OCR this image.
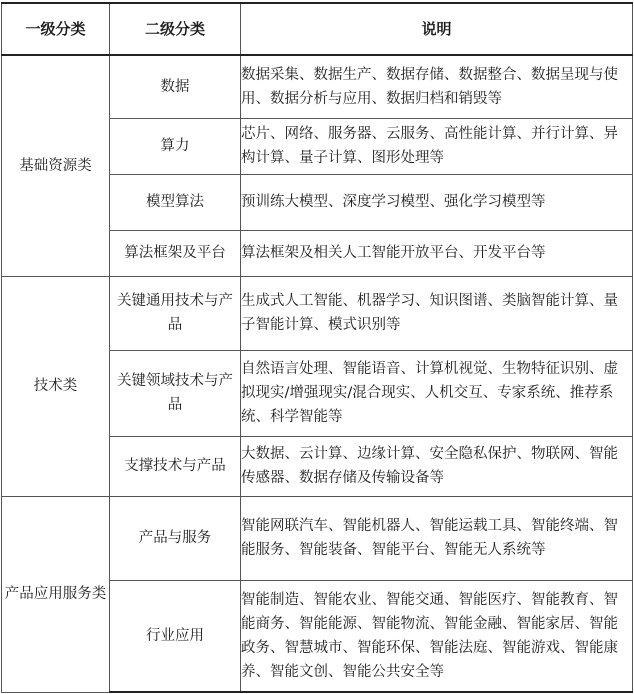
一级分类	二级分类	说明
基础资源类	数据	数据采集、数据生产、数据存储、数据整合、数据呈现与使用、数据分析与应用、数据归档和销毁等
	算力	芯片、网络、服务器、云服务、高性能计算、并行计算、异构计算、量子计算、图形处理等
	模型算法	预训练大模型、深度学习模型、强化学习模型等
	算法框架及平台	算法框架及相关人工智能开放平台、开发平台等
技术类	关键通用技术与产品	生成式人工智能、机器学习、知识图谱、类脑智能计算、量子智能计算、模式识别等
	关键领域技术与产品	自然语言处理、智能语音、计算机视觉、生物特征识别、虚拟现实/增强现实/混合现实、人机交互、专家系统、推荐系统、科学智能等
	支撑技术与产品	大数据、云计算、边缘计算、安全隐私保护、物联网、智能传感器、数据存储及传输设备等
产品应用服务类	产品与服务	智能网联汽车、智能机器人、智能运载工具、智能终端、智能服务、智能装备、智能平台、智能无人系统等
	行业应用	智能制造、智能农业、智能交通、智能医疗、智能教育、智能商务、智能能源、智能物流、智能金融、智能家居、智能政务、智慧城市、智能环保、智能法庭、智能游戏、智能康养、智能文创、智能公共安全等
